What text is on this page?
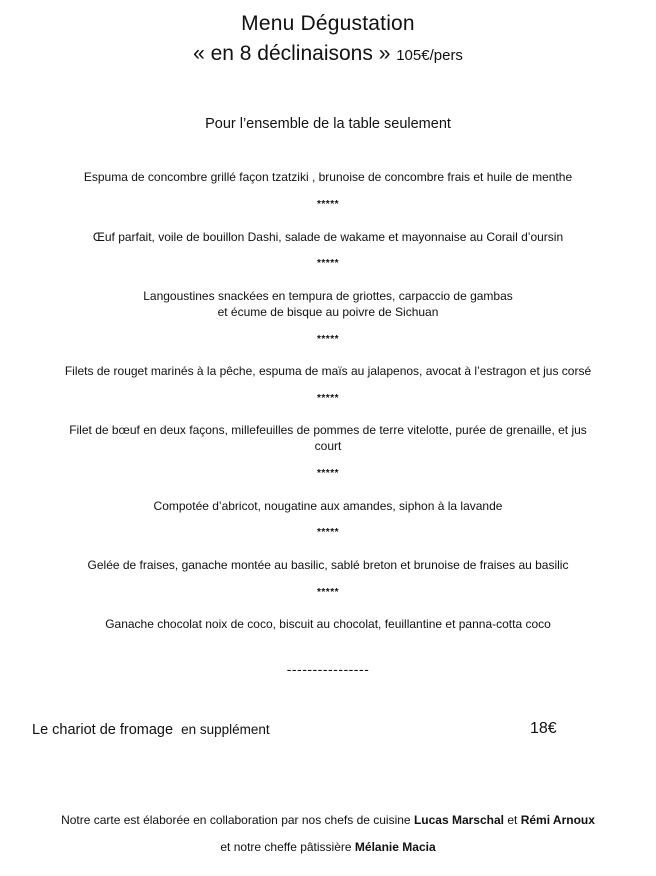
Menu Dégustation
« en 8 déclinaisons » 105€/pers
Pour l’ensemble de la table seulement
Espuma de concombre grillé façon tzatziki , brunoise de concombre frais et huile de menthe
*****
Œuf parfait, voile de bouillon Dashi, salade de wakame et mayonnaise au Corail d’oursin
*****
Langoustines snackées en tempura de griottes, carpaccio de gambas
et écume de bisque au poivre de Sichuan
*****
Filets de rouget marinés à la pêche, espuma de maïs au jalapenos, avocat à l’estragon et jus corsé
*****
Filet de bœuf en deux façons, millefeuilles de pommes de terre vitelotte, purée de grenaille, et jus
court
*****
Compotée d’abricot, nougatine aux amandes, siphon à la lavande
*****
Gelée de fraises, ganache montée au basilic, sablé breton et brunoise de fraises au basilic
*****
Ganache chocolat noix de coco, biscuit au chocolat, feuillantine et panna-cotta coco
----------------
Le chariot de fromage en supplément	18€
Notre carte est élaborée en collaboration par nos chefs de cuisine Lucas Marschal et Rémi Arnoux
et notre cheffe pâtissière Mélanie Macia
